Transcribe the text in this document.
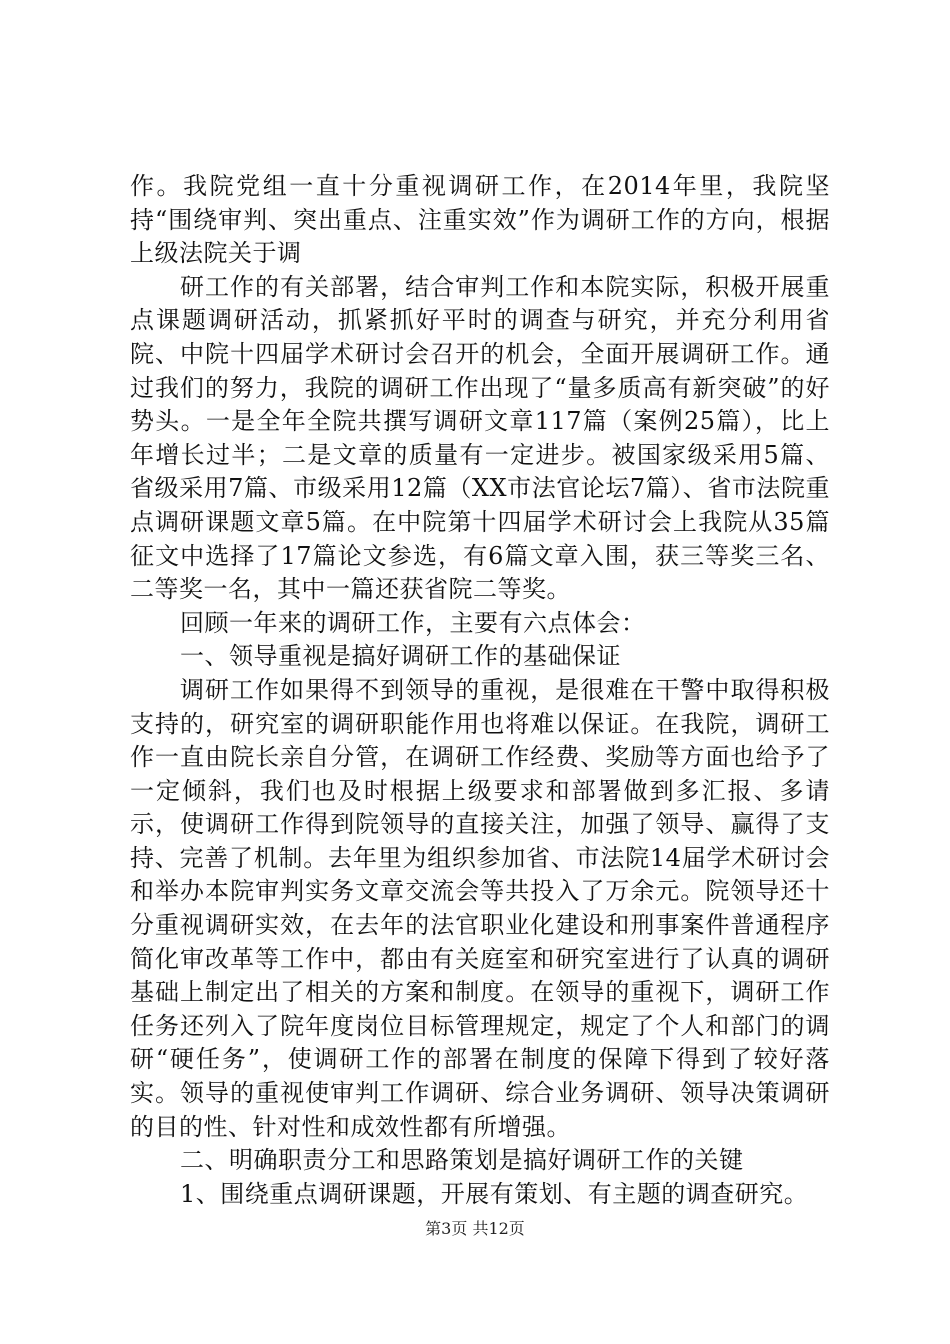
作。我院党组一直十分重视调研工作，在2014年里，我院坚持“围绕审判、突出重点、注重实效”作为调研工作的方向，根据上级法院关于调

研工作的有关部署，结合审判工作和本院实际，积极开展重点课题调研活动，抓紧抓好平时的调查与研究，并充分利用省院、中院十四届学术研讨会召开的机会，全面开展调研工作。通过我们的努力，我院的调研工作出现了“量多质高有新突破”的好势头。一是全年全院共撰写调研文章117篇（案例25篇），比上年增长过半；二是文章的质量有一定进步。被国家级采用5篇、省级采用7篇、市级采用12篇（XX市法官论坛7篇）、省市法院重点调研课题文章5篇。在中院第十四届学术研讨会上我院从35篇征文中选择了17篇论文参选，有6篇文章入围，获三等奖三名、二等奖一名，其中一篇还获省院二等奖。

回顾一年来的调研工作，主要有六点体会：

一、领导重视是搞好调研工作的基础保证

调研工作如果得不到领导的重视，是很难在干警中取得积极支持的，研究室的调研职能作用也将难以保证。在我院，调研工作一直由院长亲自分管，在调研工作经费、奖励等方面也给予了一定倾斜，我们也及时根据上级要求和部署做到多汇报、多请示，使调研工作得到院领导的直接关注，加强了领导、赢得了支持、完善了机制。去年里为组织参加省、市法院14届学术研讨会和举办本院审判实务文章交流会等共投入了万余元。院领导还十分重视调研实效，在去年的法官职业化建设和刑事案件普通程序简化审改革等工作中，都由有关庭室和研究室进行了认真的调研基础上制定出了相关的方案和制度。在领导的重视下，调研工作任务还列入了院年度岗位目标管理规定，规定了个人和部门的调研“硬任务”，使调研工作的部署在制度的保障下得到了较好落实。领导的重视使审判工作调研、综合业务调研、领导决策调研的目的性、针对性和成效性都有所增强。

二、明确职责分工和思路策划是搞好调研工作的关键

1、围绕重点调研课题，开展有策划、有主题的调查研究。

第3页 共12页
